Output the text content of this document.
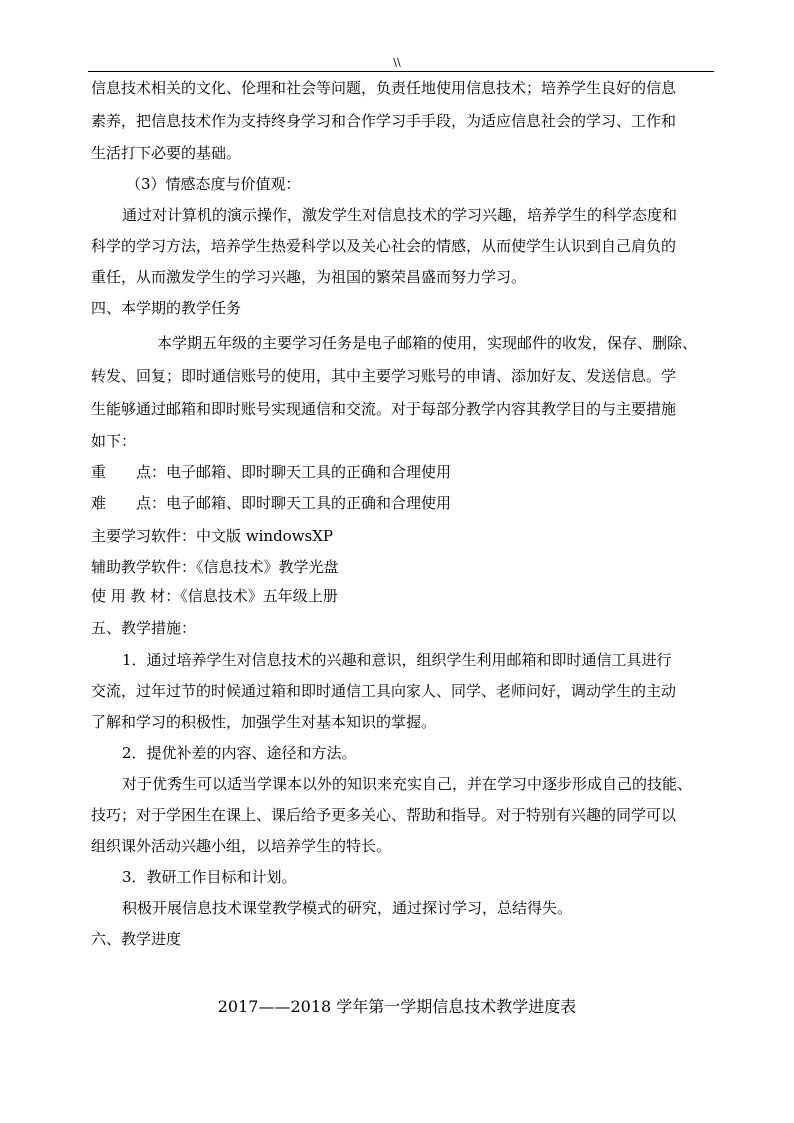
\\
信息技术相关的文化、伦理和社会等问题，负责任地使用信息技术；培养学生良好的信息
素养，把信息技术作为支持终身学习和合作学习手手段，为适应信息社会的学习、工作和
生活打下必要的基础。
（3）情感态度与价值观：
通过对计算机的演示操作，激发学生对信息技术的学习兴趣，培养学生的科学态度和
科学的学习方法，培养学生热爱科学以及关心社会的情感，从而使学生认识到自己肩负的
重任，从而激发学生的学习兴趣，为祖国的繁荣昌盛而努力学习。
四、本学期的教学任务
本学期五年级的主要学习任务是电子邮箱的使用，实现邮件的收发，保存、删除、
转发、回复；即时通信账号的使用，其中主要学习账号的申请、添加好友、发送信息。学
生能够通过邮箱和即时账号实现通信和交流。对于每部分教学内容其教学目的与主要措施
如下：
重　　点：电子邮箱、即时聊天工具的正确和合理使用
难　　点：电子邮箱、即时聊天工具的正确和合理使用
主要学习软件：中文版 windowsXP
辅助教学软件：《信息技术》教学光盘
使 用 教 材：《信息技术》五年级上册
五、教学措施：
1．通过培养学生对信息技术的兴趣和意识，组织学生利用邮箱和即时通信工具进行
交流，过年过节的时候通过箱和即时通信工具向家人、同学、老师问好，调动学生的主动
了解和学习的积极性，加强学生对基本知识的掌握。
2．提优补差的内容、途径和方法。
对于优秀生可以适当学课本以外的知识来充实自己，并在学习中逐步形成自己的技能、
技巧；对于学困生在课上、课后给予更多关心、帮助和指导。对于特别有兴趣的同学可以
组织课外活动兴趣小组，以培养学生的特长。
3．教研工作目标和计划。
积极开展信息技术课堂教学模式的研究，通过探讨学习，总结得失。
六、教学进度
2017——2018 学年第一学期信息技术教学进度表
